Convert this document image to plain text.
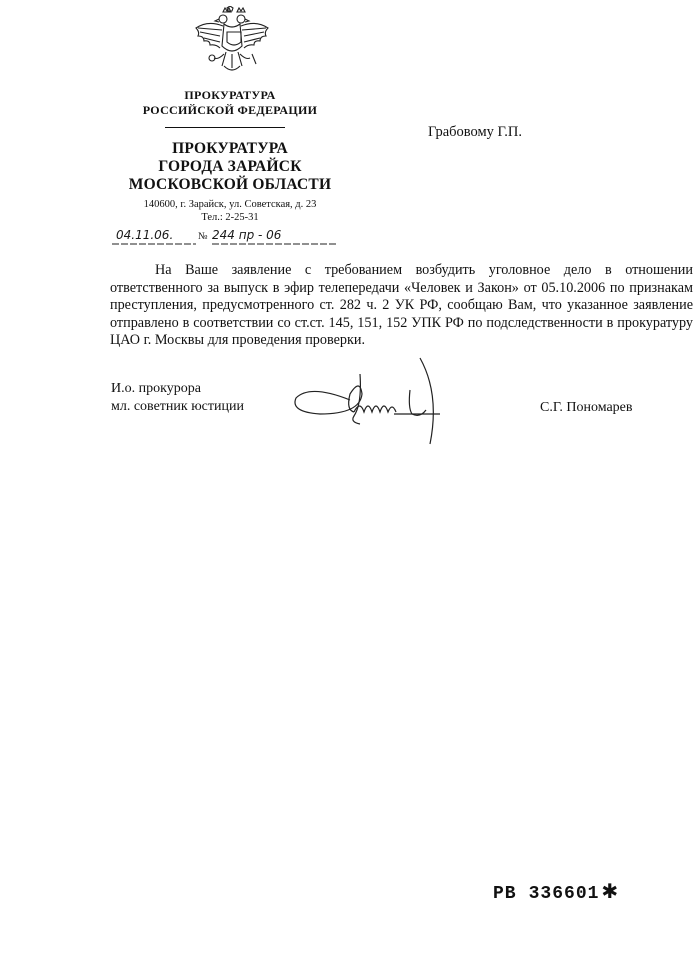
ПРОКУРАТУРА
РОССИЙСКОЙ ФЕДЕРАЦИИ
ПРОКУРАТУРА
ГОРОДА ЗАРАЙСК
МОСКОВСКОЙ ОБЛАСТИ
140600, г. Зарайск, ул. Советская, д. 23
Тел.: 2-25-31
04.11.06. № 244 пр - 06
Грабовому Г.П.
На Ваше заявление с требованием возбудить уголовное дело в отношении ответственного за выпуск в эфир телепередачи «Человек и Закон» от 05.10.2006 по признакам преступления, предусмотренного ст. 282 ч. 2 УК РФ, сообщаю Вам, что указанное заявление отправлено в соответствии со ст.ст. 145, 151, 152 УПК РФ по подследственности в прокуратуру ЦАО г. Москвы для проведения проверки.
И.о. прокурора
мл. советник юстиции	С.Г. Пономарев
РВ 336601 ✱
